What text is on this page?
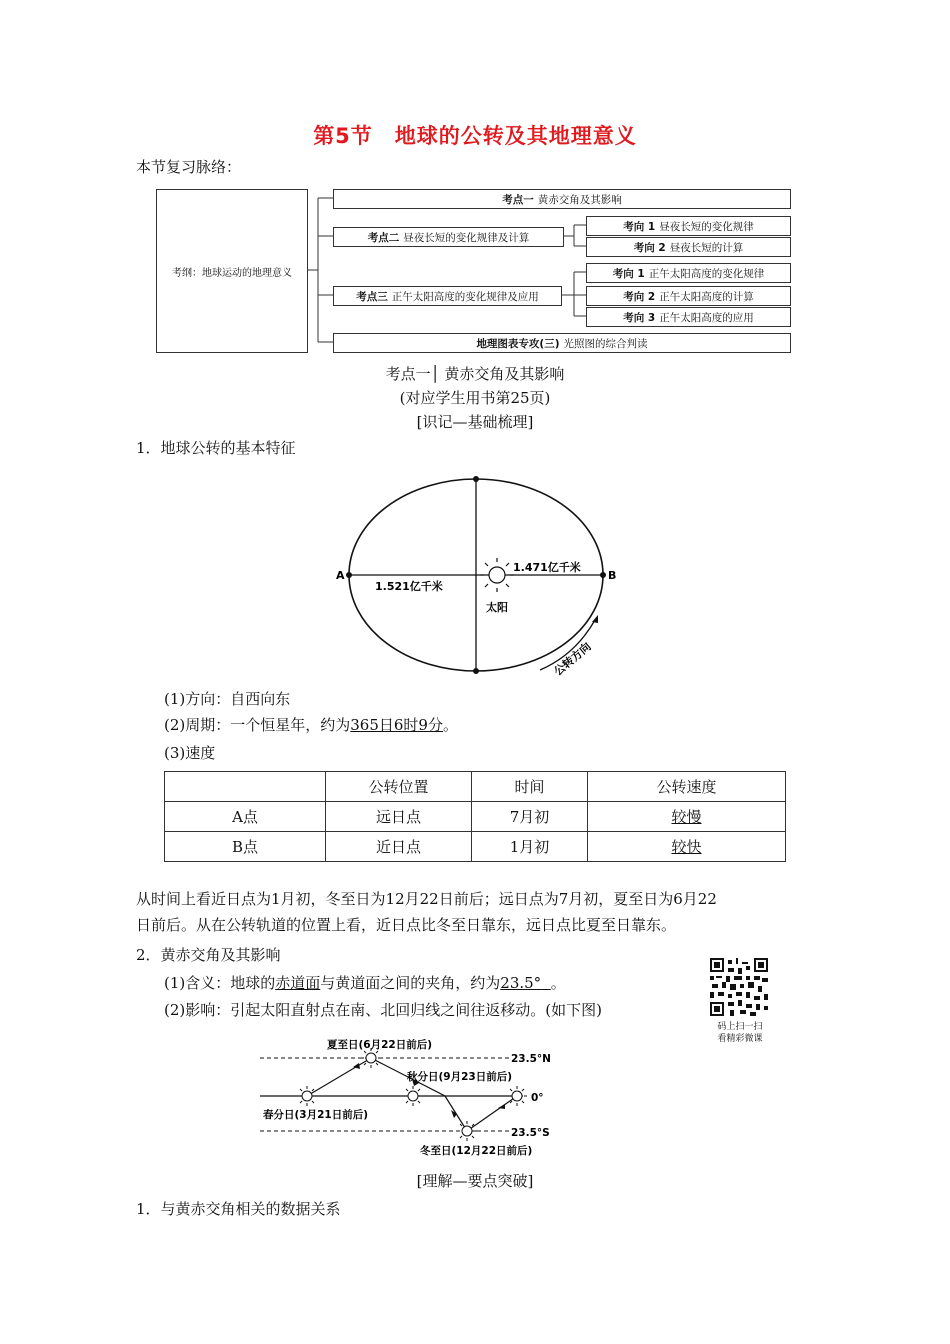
第5节　地球的公转及其地理意义
本节复习脉络：
考纲：地球运动的地理意义
考点一 黄赤交角及其影响
考点二 昼夜长短的变化规律及计算
考向 1 昼夜长短的变化规律
考向 2 昼夜长短的计算
考点三 正午太阳高度的变化规律及应用
考向 1 正午太阳高度的变化规律
考向 2 正午太阳高度的计算
考向 3 正午太阳高度的应用
地理图表专攻(三) 光照图的综合判读
考点一│ 黄赤交角及其影响
(对应学生用书第25页)
[识记—基础梳理]
1．地球公转的基本特征
A	B
1.521亿千米
1.471亿千米
太阳
公转方向
(1)方向：自西向东
(2)周期：一个恒星年，约为365日6时9分。
(3)速度
	公转位置	时间	公转速度
A点	远日点	7月初	较慢
B点	近日点	1月初	较快
从时间上看近日点为1月初，冬至日为12月22日前后；远日点为7月初，夏至日为6月22
日前后。从在公转轨道的位置上看，近日点比冬至日靠东，远日点比夏至日靠东。
2．黄赤交角及其影响
(1)含义：地球的赤道面与黄道面之间的夹角，约为23.5° 。
(2)影响：引起太阳直射点在南、北回归线之间往返移动。(如下图)
码上扫一扫
看精彩微课
夏至日(6月22日前后)
秋分日(9月23日前后)
春分日(3月21日前后)
冬至日(12月22日前后)
23.5°N
0°
23.5°S
[理解—要点突破]
1．与黄赤交角相关的数据关系
